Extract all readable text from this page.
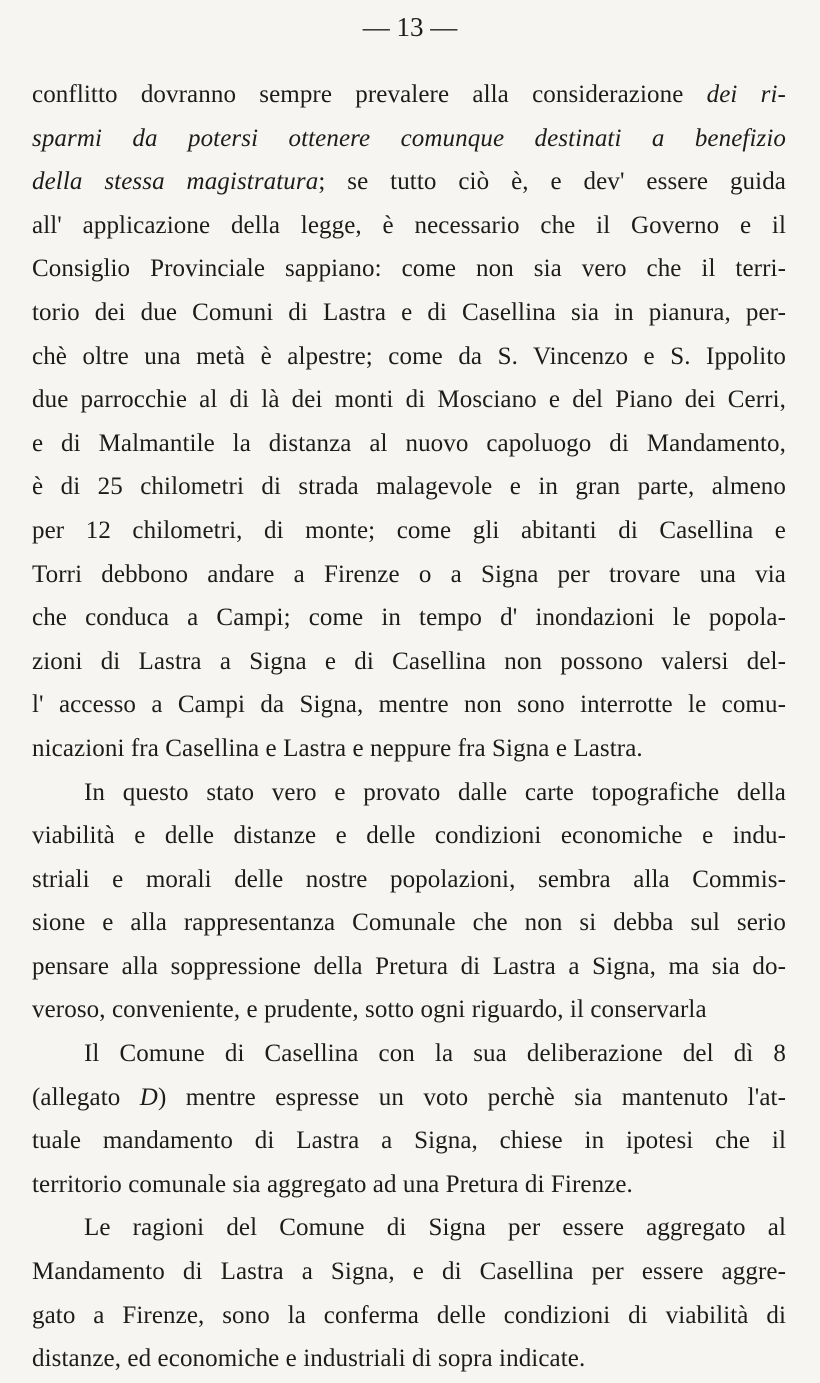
— 13 —
conflitto dovranno sempre prevalere alla considerazione dei ri-
sparmi da potersi ottenere comunque destinati a benefizio
della stessa magistratura; se tutto ciò è, e dev' essere guida
all' applicazione della legge, è necessario che il Governo e il
Consiglio Provinciale sappiano: come non sia vero che il terri-
torio dei due Comuni di Lastra e di Casellina sia in pianura, per-
chè oltre una metà è alpestre; come da S. Vincenzo e S. Ippolito
due parrocchie al di là dei monti di Mosciano e del Piano dei Cerri,
e di Malmantile la distanza al nuovo capoluogo di Mandamento,
è di 25 chilometri di strada malagevole e in gran parte, almeno
per 12 chilometri, di monte; come gli abitanti di Casellina e
Torri debbono andare a Firenze o a Signa per trovare una via
che conduca a Campi; come in tempo d' inondazioni le popola-
zioni di Lastra a Signa e di Casellina non possono valersi del-
l' accesso a Campi da Signa, mentre non sono interrotte le comu-
nicazioni fra Casellina e Lastra e neppure fra Signa e Lastra.
In questo stato vero e provato dalle carte topografiche della
viabilità e delle distanze e delle condizioni economiche e indu-
striali e morali delle nostre popolazioni, sembra alla Commis-
sione e alla rappresentanza Comunale che non si debba sul serio
pensare alla soppressione della Pretura di Lastra a Signa, ma sia do-
veroso, conveniente, e prudente, sotto ogni riguardo, il conservarla
Il Comune di Casellina con la sua deliberazione del dì 8
(allegato D) mentre espresse un voto perchè sia mantenuto l'at-
tuale mandamento di Lastra a Signa, chiese in ipotesi che il
territorio comunale sia aggregato ad una Pretura di Firenze.
Le ragioni del Comune di Signa per essere aggregato al
Mandamento di Lastra a Signa, e di Casellina per essere aggre-
gato a Firenze, sono la conferma delle condizioni di viabilità di
distanze, ed economiche e industriali di sopra indicate.
